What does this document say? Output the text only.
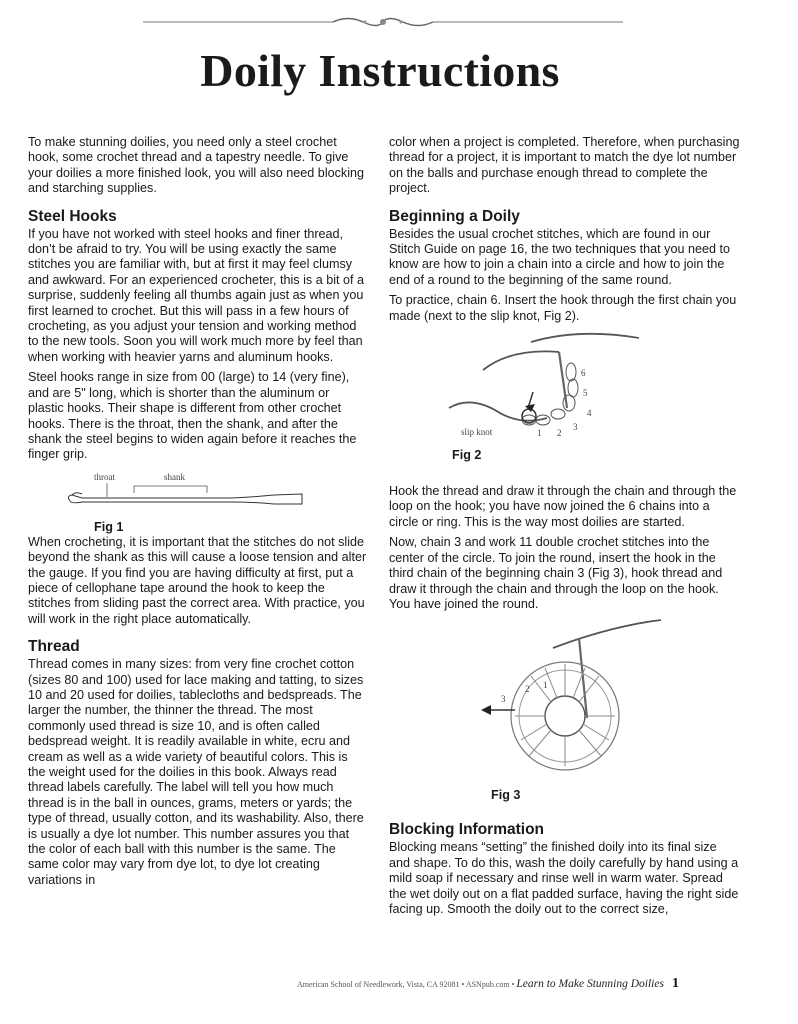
Doily Instructions

To make stunning doilies, you need only a steel crochet hook, some crochet thread and a tapestry needle. To give your doilies a more finished look, you will also need blocking and starching supplies.

Steel Hooks

If you have not worked with steel hooks and finer thread, don’t be afraid to try. You will be using exactly the same stitches you are familiar with, but at first it may feel clumsy and awkward. For an experienced crocheter, this is a bit of a surprise, suddenly feeling all thumbs again just as when you first learned to crochet. But this will pass in a few hours of crocheting, as you adjust your tension and working method to the new tools. Soon you will work much more by feel than when working with heavier yarns and aluminum hooks.

Steel hooks range in size from 00 (large) to 14 (very fine), and are 5" long, which is shorter than the aluminum or plastic hooks. Their shape is different from other crochet hooks. There is the throat, then the shank, and after the shank the steel begins to widen again before it reaches the finger grip.

throat	shank
Fig 1

When crocheting, it is important that the stitches do not slide beyond the shank as this will cause a loose tension and alter the gauge. If you find you are having difficulty at first, put a piece of cellophane tape around the hook to keep the stitches from sliding past the correct area. With practice, you will work in the right place automatically.

Thread

Thread comes in many sizes: from very fine crochet cotton (sizes 80 and 100) used for lace making and tatting, to sizes 10 and 20 used for doilies, tablecloths and bedspreads. The larger the number, the thinner the thread. The most commonly used thread is size 10, and is often called bedspread weight. It is readily available in white, ecru and cream as well as a wide variety of beautiful colors. This is the weight used for the doilies in this book. Always read thread labels carefully. The label will tell you how much thread is in the ball in ounces, grams, meters or yards; the type of thread, usually cotton, and its washability. Also, there is usually a dye lot number. This number assures you that the color of each ball with this number is the same. The same color may vary from dye lot, to dye lot creating variations in

color when a project is completed. Therefore, when purchasing thread for a project, it is important to match the dye lot number on the balls and purchase enough thread to complete the project.

Beginning a Doily

Besides the usual crochet stitches, which are found in our Stitch Guide on page 16, the two techniques that you need to know are how to join a chain into a circle and how to join the end of a round to the beginning of the same round.

To practice, chain 6. Insert the hook through the first chain you made (next to the slip knot, Fig 2).

slip knot	1 2
3
4
5
6
Fig 2

Hook the thread and draw it through the chain and through the loop on the hook; you have now joined the 6 chains into a circle or ring. This is the way most doilies are started.

Now, chain 3 and work 11 double crochet stitches into the center of the circle. To join the round, insert the hook in the third chain of the beginning chain 3 (Fig 3), hook thread and draw it through the chain and through the loop on the hook. You have joined the round.

1
2
3
Fig 3
Blocking Information

Blocking means “setting” the finished doily into its final size and shape. To do this, wash the doily carefully by hand using a mild soap if necessary and rinse well in warm water. Spread the wet doily out on a flat padded surface, having the right side facing up. Smooth the doily out to the correct size,

American School of Needlework, Vista, CA 92081 • ASNpub.com • Learn to Make Stunning Doilies 1
